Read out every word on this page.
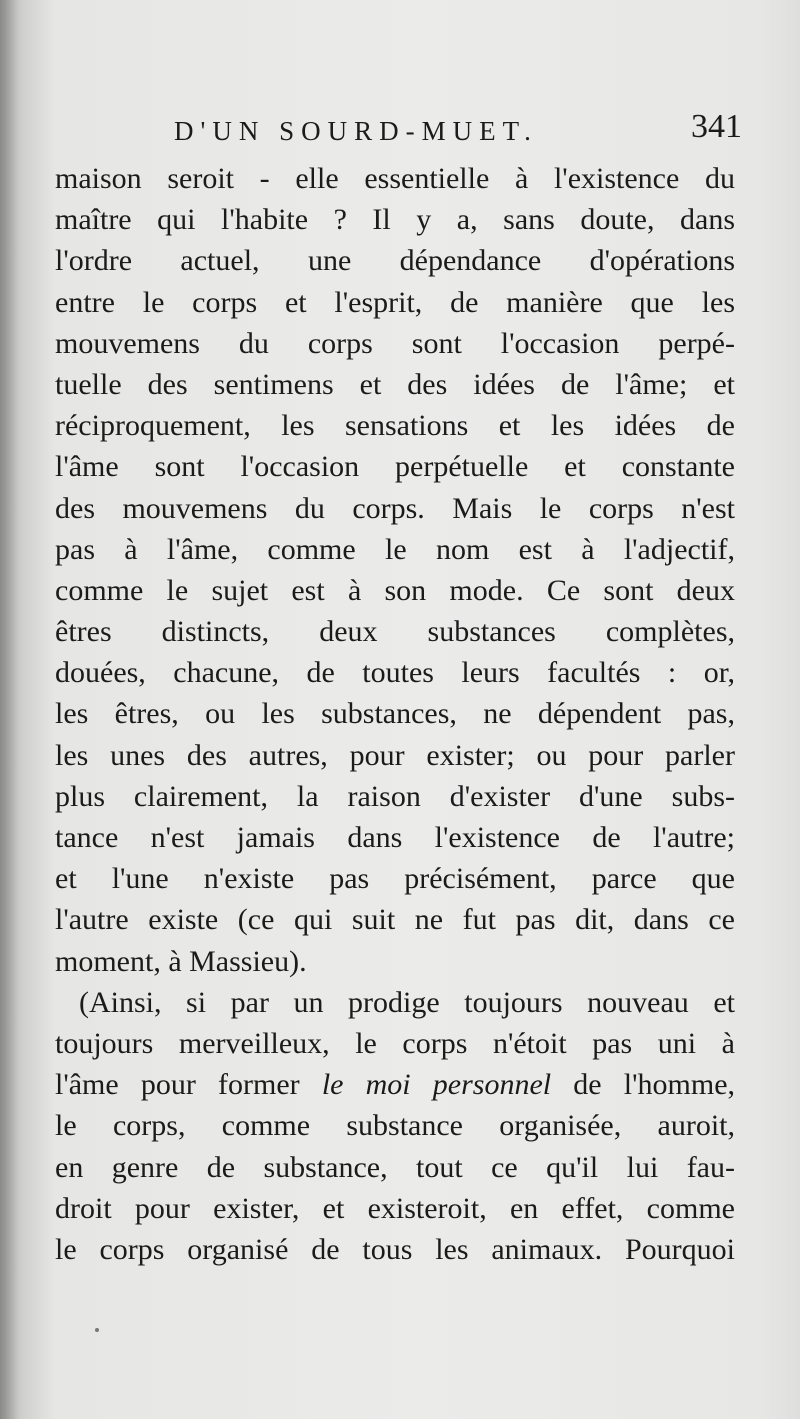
D'UN SOURD-MUET.	341
maison seroit - elle essentielle à l'existence du
maître qui l'habite ? Il y a, sans doute, dans
l'ordre actuel, une dépendance d'opérations
entre le corps et l'esprit, de manière que les
mouvemens du corps sont l'occasion perpé-
tuelle des sentimens et des idées de l'âme; et
réciproquement, les sensations et les idées de
l'âme sont l'occasion perpétuelle et constante
des mouvemens du corps. Mais le corps n'est
pas à l'âme, comme le nom est à l'adjectif,
comme le sujet est à son mode. Ce sont deux
êtres distincts, deux substances complètes,
douées, chacune, de toutes leurs facultés : or,
les êtres, ou les substances, ne dépendent pas,
les unes des autres, pour exister; ou pour parler
plus clairement, la raison d'exister d'une subs-
tance n'est jamais dans l'existence de l'autre;
et l'une n'existe pas précisément, parce que
l'autre existe (ce qui suit ne fut pas dit, dans ce
moment, à Massieu).
(Ainsi, si par un prodige toujours nouveau et
toujours merveilleux, le corps n'étoit pas uni à
l'âme pour former le moi personnel de l'homme,
le corps, comme substance organisée, auroit,
en genre de substance, tout ce qu'il lui fau-
droit pour exister, et existeroit, en effet, comme
le corps organisé de tous les animaux. Pourquoi
